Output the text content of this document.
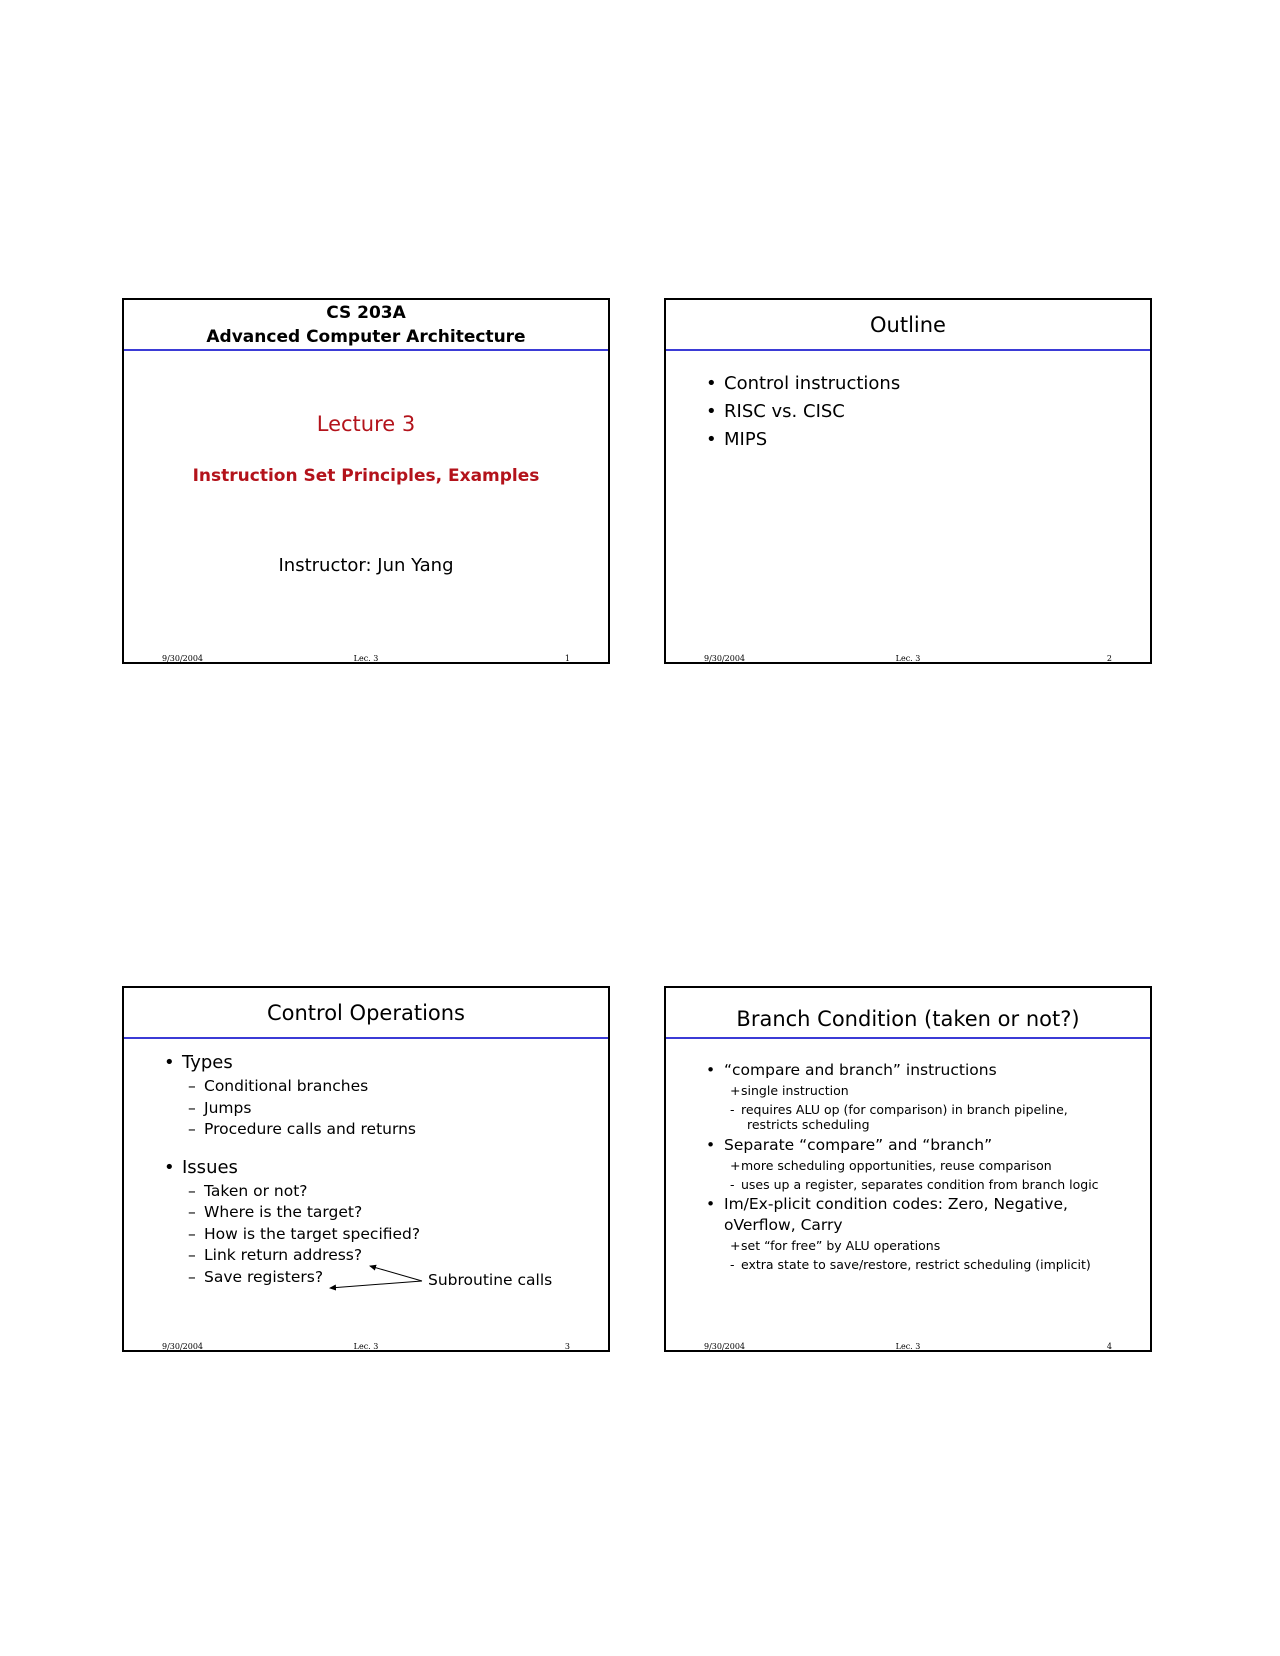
CS 203A
Advanced Computer Architecture
Lecture 3
Instruction Set Principles, Examples
Instructor: Jun Yang
9/30/2004	Lec. 3	1
Outline
• Control instructions
• RISC vs. CISC
• MIPS
9/30/2004	Lec. 3	2
Control Operations
• Types
– Conditional branches
– Jumps
– Procedure calls and returns
• Issues
– Taken or not?
– Where is the target?
– How is the target specified?
– Link return address?
– Save registers?	Subroutine calls
9/30/2004	Lec. 3	3
Branch Condition (taken or not?)
• “compare and branch” instructions
+ single instruction
- requires ALU op (for comparison) in branch pipeline,
restricts scheduling
• Separate “compare” and “branch”
+ more scheduling opportunities, reuse comparison
- uses up a register, separates condition from branch logic
• Im/Ex-plicit condition codes: Zero, Negative,
oVerflow, Carry
+ set “for free” by ALU operations
- extra state to save/restore, restrict scheduling (implicit)
9/30/2004	Lec. 3	4
